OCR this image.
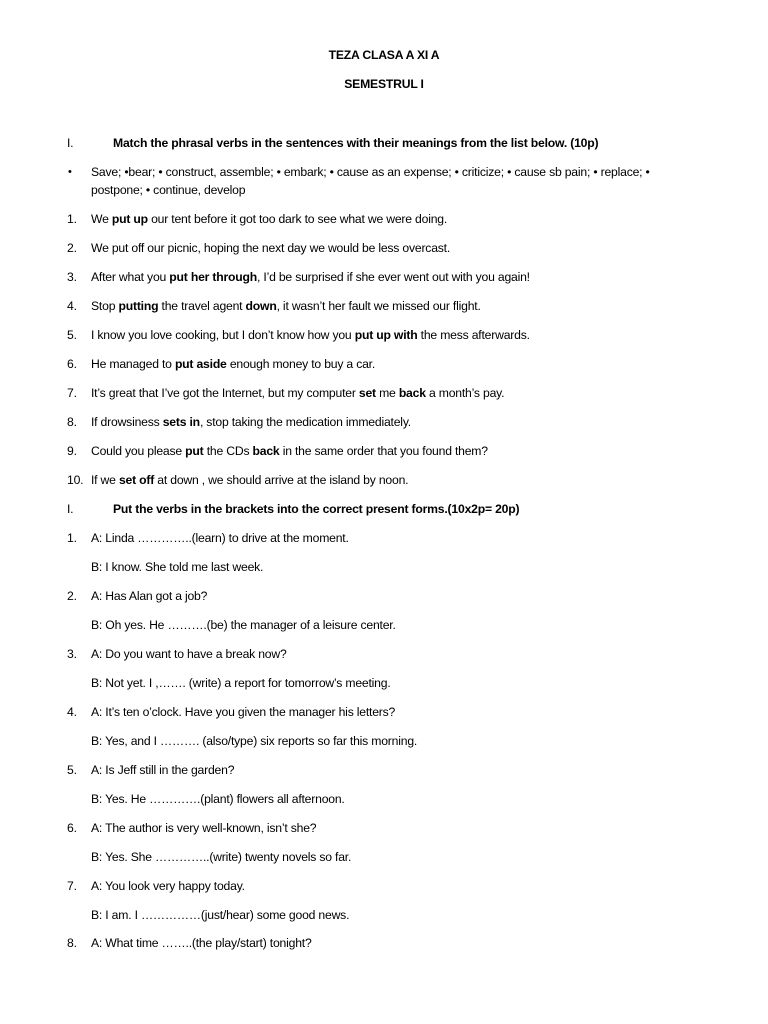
TEZA CLASA A XI A
SEMESTRUL I
I.	Match the phrasal verbs in the sentences with their meanings from the list below. (10p)
• Save; •bear; • construct, assemble; • embark; • cause as an expense; • criticize; • cause sb pain; • replace; •
postpone; • continue, develop
1. We put up our tent before it got too dark to see what we were doing.
2. We put off our picnic, hoping the next day we would be less overcast.
3. After what you put her through, I’d be surprised if she ever went out with you again!
4. Stop putting the travel agent down, it wasn’t her fault we missed our flight.
5. I know you love cooking, but I don’t know how you put up with the mess afterwards.
6. He managed to put aside enough money to buy a car.
7. It’s great that I’ve got the Internet, but my computer set me back a month’s pay.
8. If drowsiness sets in, stop taking the medication immediately.
9. Could you please put the CDs back in the same order that you found them?
10. If we set off at down , we should arrive at the island by noon.
I.	Put the verbs in the brackets into the correct present forms.(10x2p= 20p)
1. A: Linda …………..(learn) to drive at the moment.
B: I know. She told me last week.
2. A: Has Alan got a job?
B: Oh yes. He ……….(be) the manager of a leisure center.
3. A: Do you want to have a break now?
B: Not yet. I ,……. (write) a report for tomorrow’s meeting.
4. A: It’s ten o’clock. Have you given the manager his letters?
B: Yes, and I ………. (also/type) six reports so far this morning.
5. A: Is Jeff still in the garden?
B: Yes. He ………….(plant) flowers all afternoon.
6. A: The author is very well-known, isn’t she?
B: Yes. She …………..(write) twenty novels so far.
7. A: You look very happy today.
B: I am. I ……………(just/hear) some good news.
8. A: What time ……..(the play/start) tonight?
